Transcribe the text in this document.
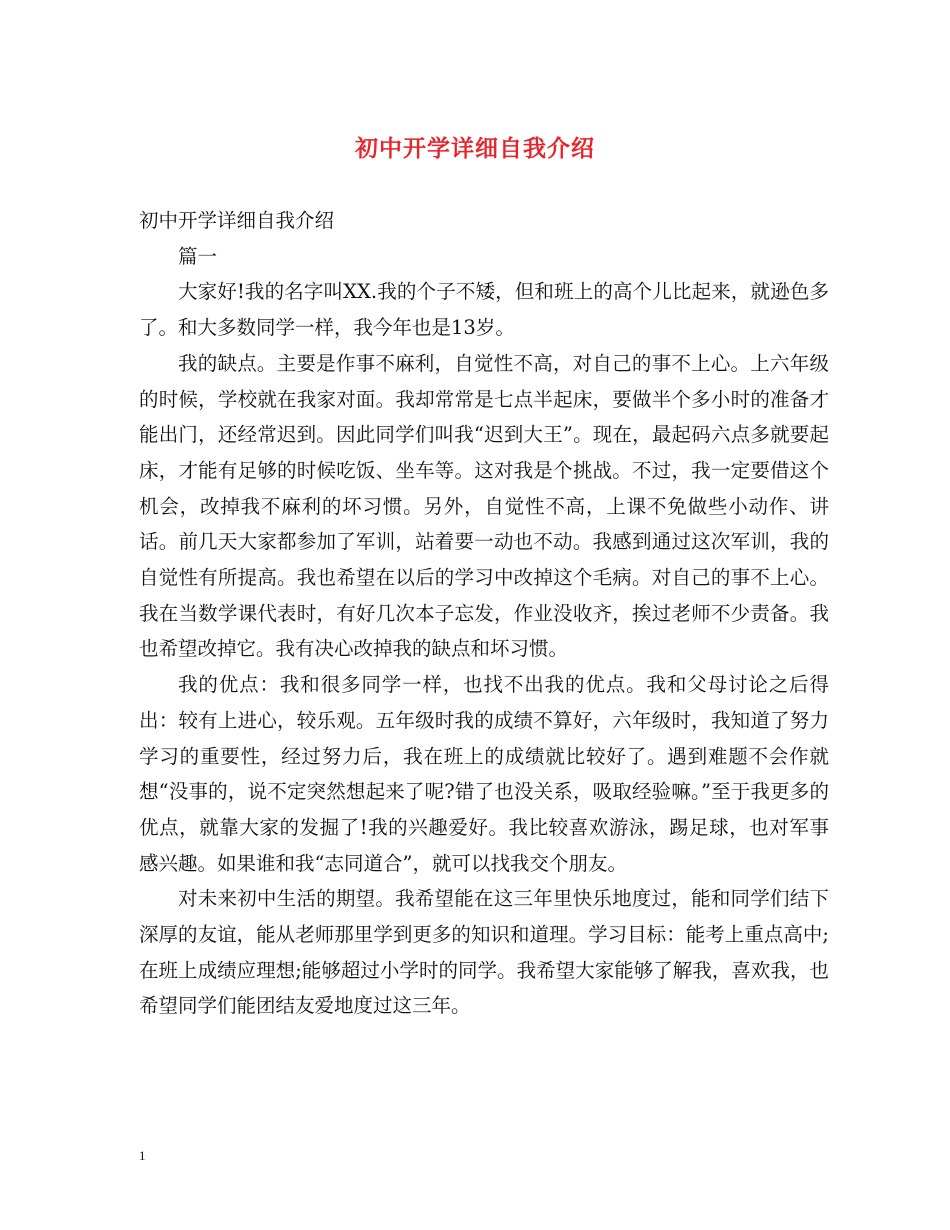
初中开学详细自我介绍

初中开学详细自我介绍

篇一

大家好!我的名字叫XX.我的个子不矮，但和班上的高个儿比起来，就逊色多了。和大多数同学一样，我今年也是13岁。

我的缺点。主要是作事不麻利，自觉性不高，对自己的事不上心。上六年级的时候，学校就在我家对面。我却常常是七点半起床，要做半个多小时的准备才能出门，还经常迟到。因此同学们叫我“迟到大王”。现在，最起码六点多就要起床，才能有足够的时候吃饭、坐车等。这对我是个挑战。不过，我一定要借这个机会，改掉我不麻利的坏习惯。另外，自觉性不高，上课不免做些小动作、讲话。前几天大家都参加了军训，站着要一动也不动。我感到通过这次军训，我的自觉性有所提高。我也希望在以后的学习中改掉这个毛病。对自己的事不上心。我在当数学课代表时，有好几次本子忘发，作业没收齐，挨过老师不少责备。我也希望改掉它。我有决心改掉我的缺点和坏习惯。

我的优点：我和很多同学一样，也找不出我的优点。我和父母讨论之后得出：较有上进心，较乐观。五年级时我的成绩不算好，六年级时，我知道了努力学习的重要性，经过努力后，我在班上的成绩就比较好了。遇到难题不会作就想“没事的，说不定突然想起来了呢?错了也没关系，吸取经验嘛。”至于我更多的优点，就靠大家的发掘了!我的兴趣爱好。我比较喜欢游泳，踢足球，也对军事感兴趣。如果谁和我“志同道合”，就可以找我交个朋友。

对未来初中生活的期望。我希望能在这三年里快乐地度过，能和同学们结下深厚的友谊，能从老师那里学到更多的知识和道理。学习目标：能考上重点高中;在班上成绩应理想;能够超过小学时的同学。我希望大家能够了解我，喜欢我，也希望同学们能团结友爱地度过这三年。

1
